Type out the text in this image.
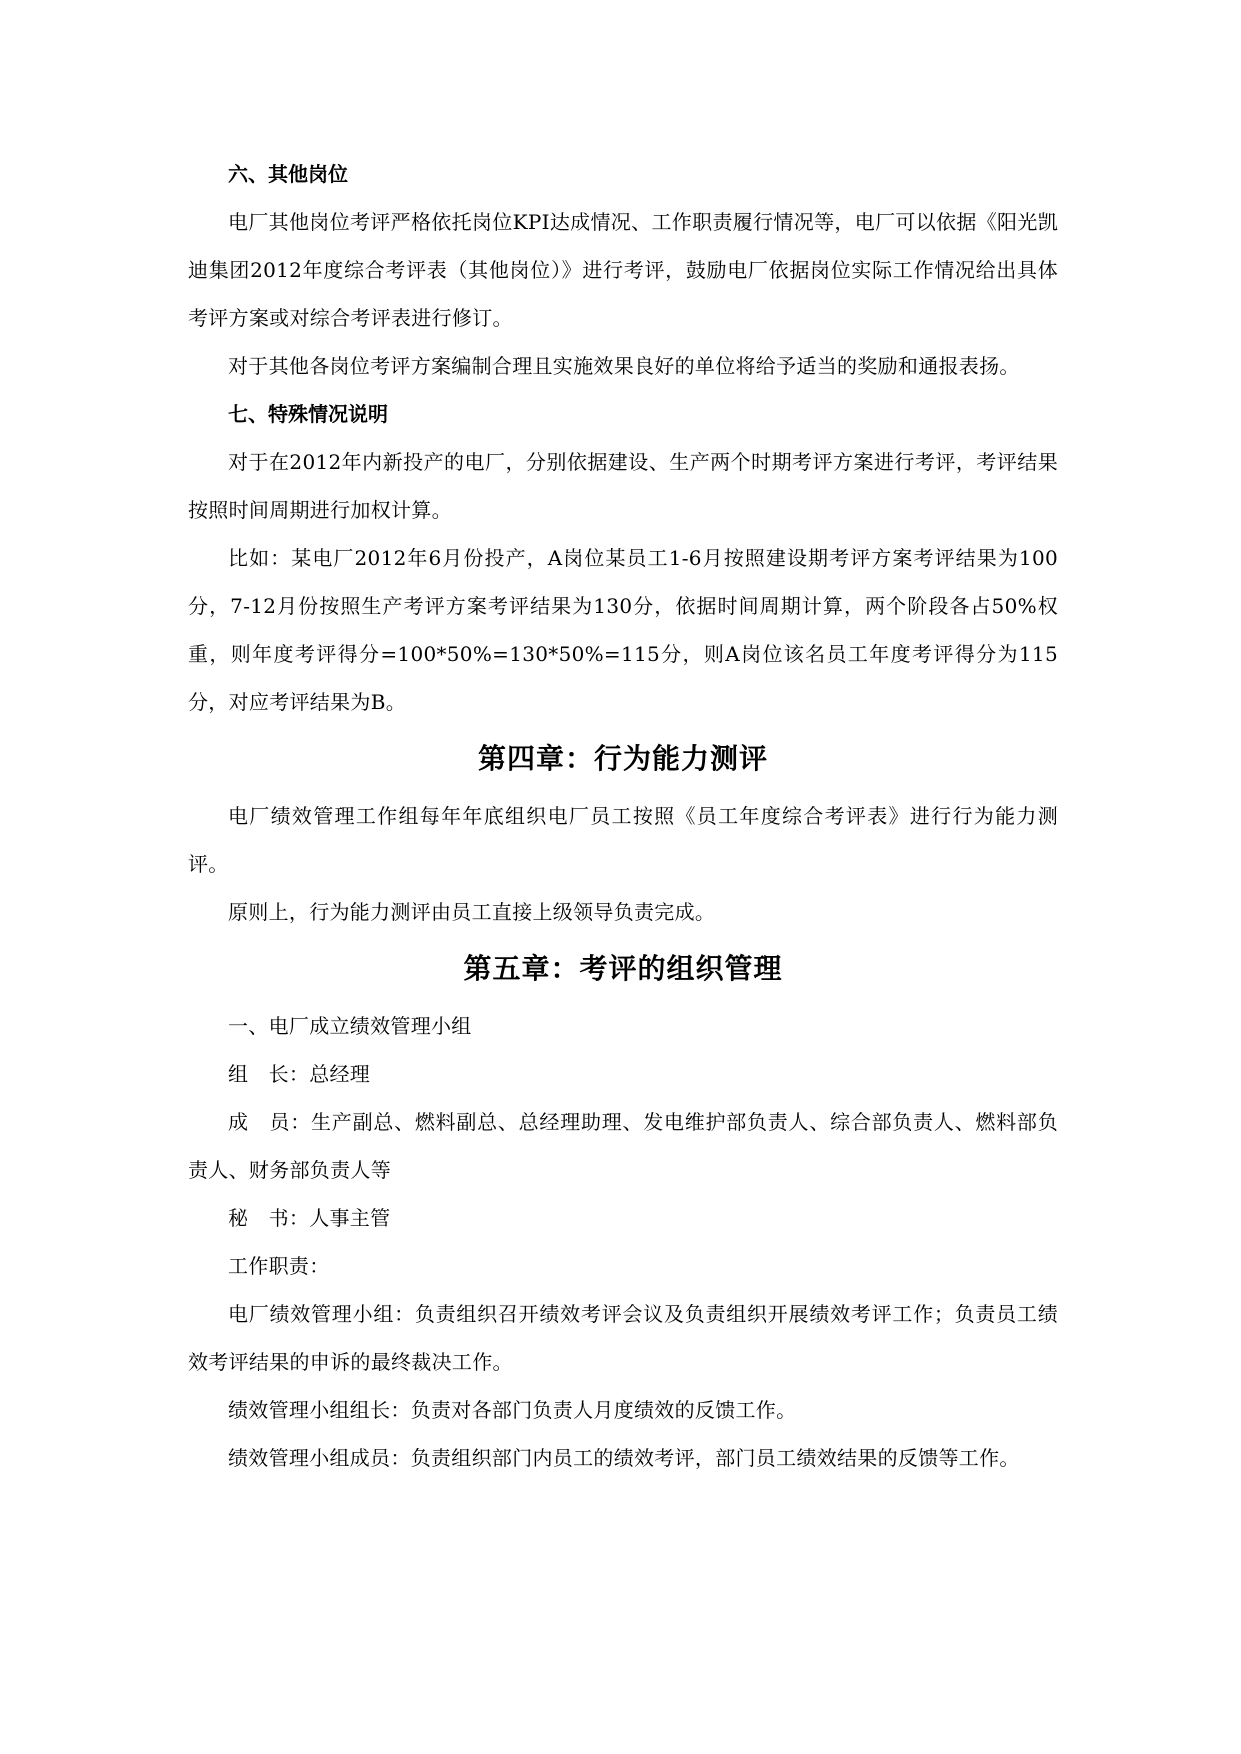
六、其他岗位

电厂其他岗位考评严格依托岗位KPI达成情况、工作职责履行情况等，电厂可以依据《阳光凯迪集团2012年度综合考评表（其他岗位）》进行考评，鼓励电厂依据岗位实际工作情况给出具体考评方案或对综合考评表进行修订。

对于其他各岗位考评方案编制合理且实施效果良好的单位将给予适当的奖励和通报表扬。

七、特殊情况说明

对于在2012年内新投产的电厂，分别依据建设、生产两个时期考评方案进行考评，考评结果按照时间周期进行加权计算。

比如：某电厂2012年6月份投产，A岗位某员工1-6月按照建设期考评方案考评结果为100分，7-12月份按照生产考评方案考评结果为130分，依据时间周期计算，两个阶段各占50%权重，则年度考评得分=100*50%=130*50%=115分，则A岗位该名员工年度考评得分为115分，对应考评结果为B。

第四章：行为能力测评

电厂绩效管理工作组每年年底组织电厂员工按照《员工年度综合考评表》进行行为能力测评。

原则上，行为能力测评由员工直接上级领导负责完成。

第五章：考评的组织管理

一、电厂成立绩效管理小组

组　长：总经理

成　员：生产副总、燃料副总、总经理助理、发电维护部负责人、综合部负责人、燃料部负责人、财务部负责人等

秘　书：人事主管

工作职责：

电厂绩效管理小组：负责组织召开绩效考评会议及负责组织开展绩效考评工作；负责员工绩效考评结果的申诉的最终裁决工作。

绩效管理小组组长：负责对各部门负责人月度绩效的反馈工作。

绩效管理小组成员：负责组织部门内员工的绩效考评，部门员工绩效结果的反馈等工作。
